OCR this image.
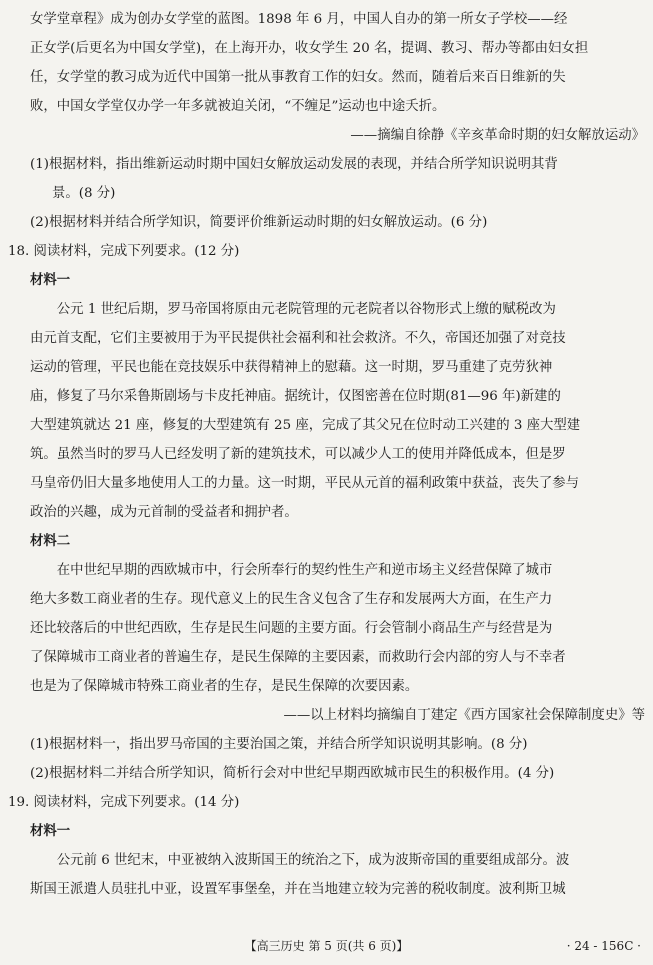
女学堂章程》成为创办女学堂的蓝图。1898 年 6 月，中国人自办的第一所女子学校——经

正女学(后更名为中国女学堂)，在上海开办，收女学生 20 名，提调、教习、帮办等都由妇女担

任，女学堂的教习成为近代中国第一批从事教育工作的妇女。然而，随着后来百日维新的失

败，中国女学堂仅办学一年多就被迫关闭，“不缠足”运动也中途夭折。

——摘编自徐静《辛亥革命时期的妇女解放运动》

(1)根据材料，指出维新运动时期中国妇女解放运动发展的表现，并结合所学知识说明其背

景。(8 分)

(2)根据材料并结合所学知识，简要评价维新运动时期的妇女解放运动。(6 分)

18. 阅读材料，完成下列要求。(12 分)

材料一

公元 1 世纪后期，罗马帝国将原由元老院管理的元老院者以谷物形式上缴的赋税改为

由元首支配，它们主要被用于为平民提供社会福利和社会救济。不久，帝国还加强了对竞技

运动的管理，平民也能在竞技娱乐中获得精神上的慰藉。这一时期，罗马重建了克劳狄神

庙，修复了马尔采鲁斯剧场与卡皮托神庙。据统计，仅图密善在位时期(81—96 年)新建的

大型建筑就达 21 座，修复的大型建筑有 25 座，完成了其父兄在位时动工兴建的 3 座大型建

筑。虽然当时的罗马人已经发明了新的建筑技术，可以减少人工的使用并降低成本，但是罗

马皇帝仍旧大量多地使用人工的力量。这一时期，平民从元首的福利政策中获益，丧失了参与

政治的兴趣，成为元首制的受益者和拥护者。

材料二

在中世纪早期的西欧城市中，行会所奉行的契约性生产和逆市场主义经营保障了城市

绝大多数工商业者的生存。现代意义上的民生含义包含了生存和发展两大方面，在生产力

还比较落后的中世纪西欧，生存是民生问题的主要方面。行会管制小商品生产与经营是为

了保障城市工商业者的普遍生存，是民生保障的主要因素，而救助行会内部的穷人与不幸者

也是为了保障城市特殊工商业者的生存，是民生保障的次要因素。

——以上材料均摘编自丁建定《西方国家社会保障制度史》等

(1)根据材料一，指出罗马帝国的主要治国之策，并结合所学知识说明其影响。(8 分)

(2)根据材料二并结合所学知识，简析行会对中世纪早期西欧城市民生的积极作用。(4 分)

19. 阅读材料，完成下列要求。(14 分)

材料一

公元前 6 世纪末，中亚被纳入波斯国王的统治之下，成为波斯帝国的重要组成部分。波

斯国王派遣人员驻扎中亚，设置军事堡垒，并在当地建立较为完善的税收制度。波利斯卫城

【高三历史 第 5 页(共 6 页)】	· 24 - 156C ·
